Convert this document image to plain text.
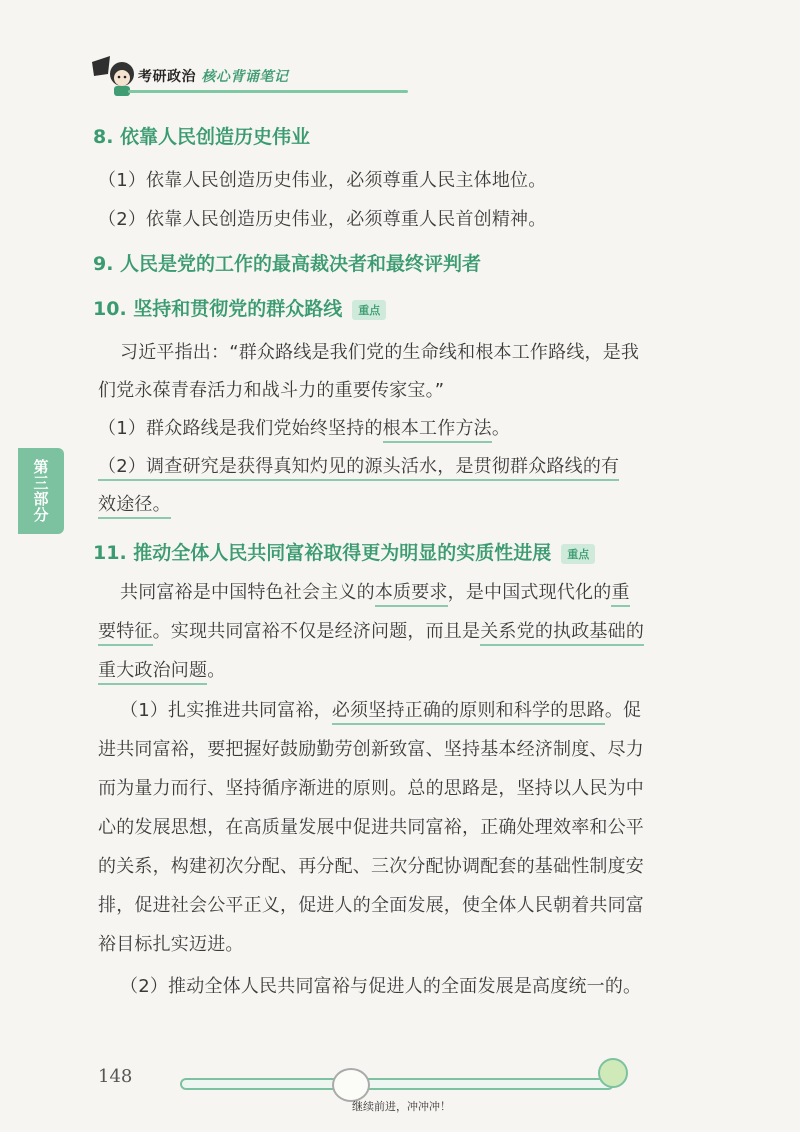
考研政治 核心背诵笔记
第三部分
8. 依靠人民创造历史伟业
（1）依靠人民创造历史伟业，必须尊重人民主体地位。
（2）依靠人民创造历史伟业，必须尊重人民首创精神。
9. 人民是党的工作的最高裁决者和最终评判者
10. 坚持和贯彻党的群众路线 重点
习近平指出：“群众路线是我们党的生命线和根本工作路线，是我
们党永葆青春活力和战斗力的重要传家宝。”
（1）群众路线是我们党始终坚持的根本工作方法。
（2）调查研究是获得真知灼见的源头活水，是贯彻群众路线的有
效途径。
11. 推动全体人民共同富裕取得更为明显的实质性进展 重点
共同富裕是中国特色社会主义的本质要求，是中国式现代化的重
要特征。实现共同富裕不仅是经济问题，而且是关系党的执政基础的
重大政治问题。
（1）扎实推进共同富裕，必须坚持正确的原则和科学的思路。促
进共同富裕，要把握好鼓励勤劳创新致富、坚持基本经济制度、尽力
而为量力而行、坚持循序渐进的原则。总的思路是，坚持以人民为中
心的发展思想，在高质量发展中促进共同富裕，正确处理效率和公平
的关系，构建初次分配、再分配、三次分配协调配套的基础性制度安
排，促进社会公平正义，促进人的全面发展，使全体人民朝着共同富
裕目标扎实迈进。
（2）推动全体人民共同富裕与促进人的全面发展是高度统一的。
148
继续前进，冲冲冲！
